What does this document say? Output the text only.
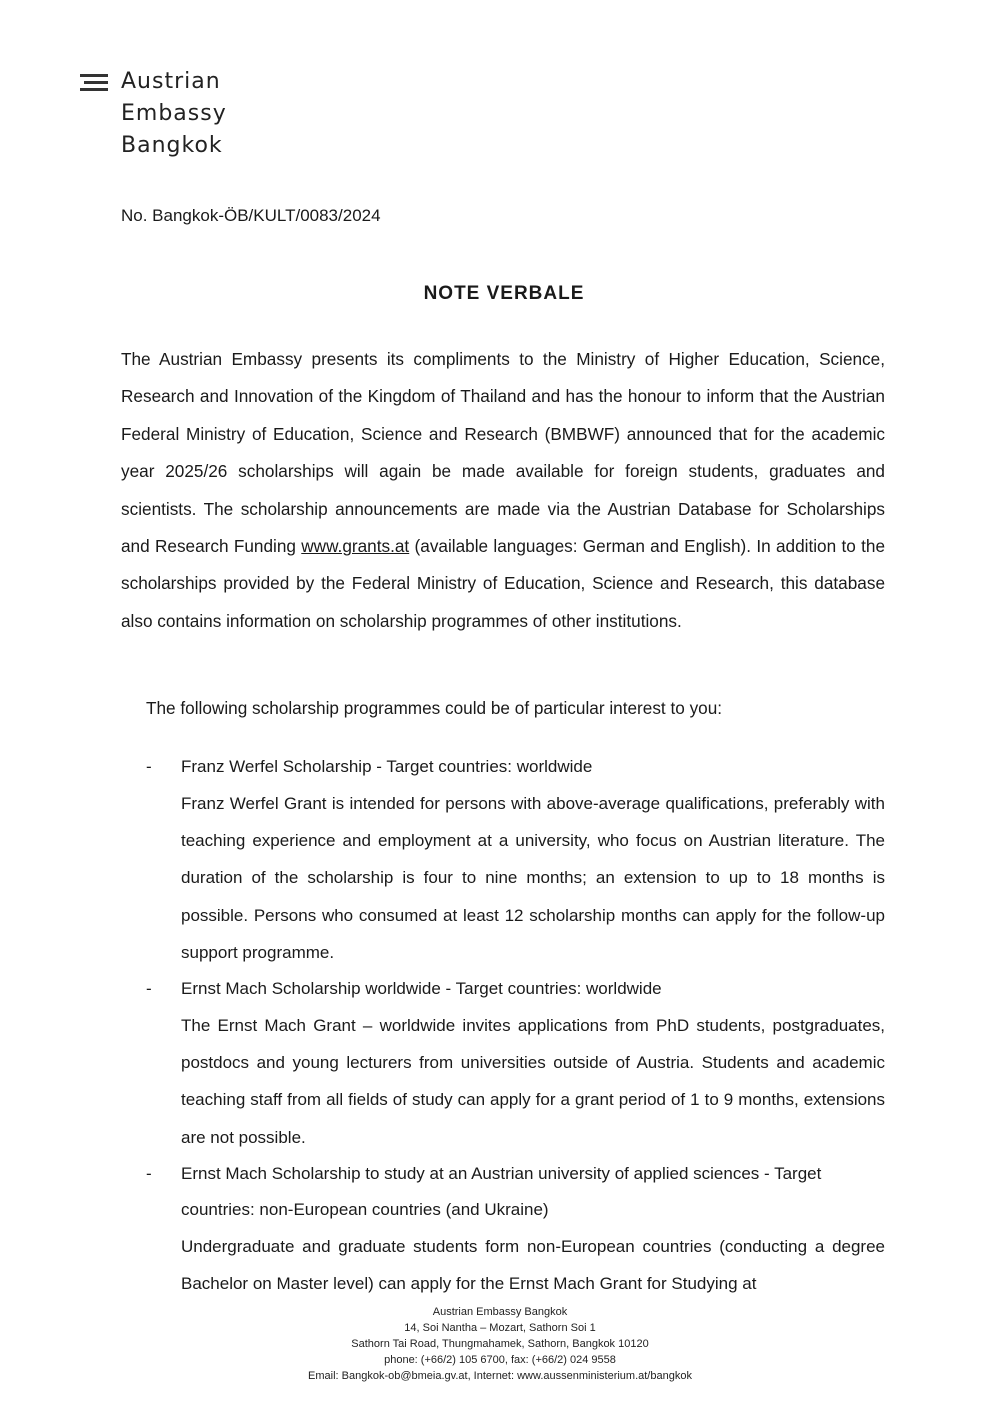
Austrian
Embassy
Bangkok
No. Bangkok-ÖB/KULT/0083/2024
NOTE VERBALE

The Austrian Embassy presents its compliments to the Ministry of Higher Education, Science, Research and Innovation of the Kingdom of Thailand and has the honour to inform that the Austrian Federal Ministry of Education, Science and Research (BMBWF) announced that for the academic year 2025/26 scholarships will again be made available for foreign students, graduates and scientists. The scholarship announcements are made via the Austrian Database for Scholarships and Research Funding www.grants.at (available languages: German and English). In addition to the scholarships provided by the Federal Ministry of Education, Science and Research, this database also contains information on scholarship programmes of other institutions.

The following scholarship programmes could be of particular interest to you:

- Franz Werfel Scholarship - Target countries: worldwide
Franz Werfel Grant is intended for persons with above-average qualifications, preferably with teaching experience and employment at a university, who focus on Austrian literature. The duration of the scholarship is four to nine months; an extension to up to 18 months is possible. Persons who consumed at least 12 scholarship months can apply for the follow-up support programme.
- Ernst Mach Scholarship worldwide - Target countries: worldwide
The Ernst Mach Grant – worldwide invites applications from PhD students, postgraduates, postdocs and young lecturers from universities outside of Austria. Students and academic teaching staff from all fields of study can apply for a grant period of 1 to 9 months, extensions are not possible.
- Ernst Mach Scholarship to study at an Austrian university of applied sciences - Target countries: non-European countries (and Ukraine)
Undergraduate and graduate students form non-European countries (conducting a degree Bachelor on Master level) can apply for the Ernst Mach Grant for Studying at
Austrian Embassy Bangkok
14, Soi Nantha – Mozart, Sathorn Soi 1
Sathorn Tai Road, Thungmahamek, Sathorn, Bangkok 10120
phone: (+66/2) 105 6700, fax: (+66/2) 024 9558
Email: Bangkok-ob@bmeia.gv.at, Internet: www.aussenministerium.at/bangkok
